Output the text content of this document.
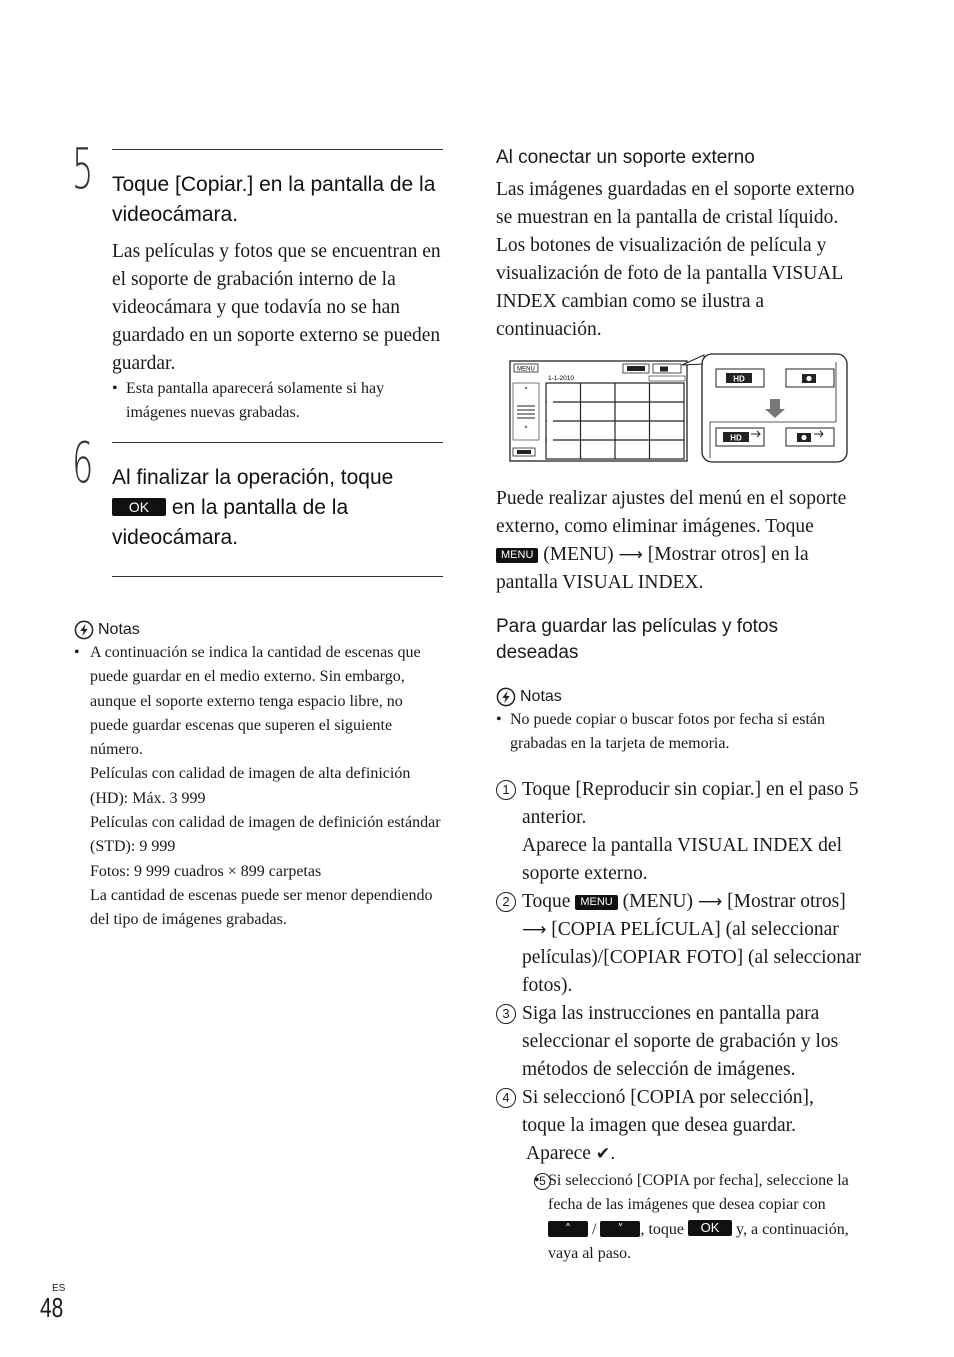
5 Toque [Copiar.] en la pantalla de la videocámara.
Las películas y fotos que se encuentran en el soporte de grabación interno de la videocámara y que todavía no se han guardado en un soporte externo se pueden guardar.
• Esta pantalla aparecerá solamente si hay imágenes nuevas grabadas.
6 Al finalizar la operación, toque
OK en la pantalla de la videocámara.
Notas
• A continuación se indica la cantidad de escenas que puede guardar en el medio externo. Sin embargo, aunque el soporte externo tenga espacio libre, no puede guardar escenas que superen el siguiente número.
Películas con calidad de imagen de alta definición (HD): Máx. 3 999
Películas con calidad de imagen de definición estándar (STD): 9 999
Fotos: 9 999 cuadros × 899 carpetas
La cantidad de escenas puede ser menor dependiendo del tipo de imágenes grabadas.
Al conectar un soporte externo
Las imágenes guardadas en el soporte externo se muestran en la pantalla de cristal líquido. Los botones de visualización de película y visualización de foto de la pantalla VISUAL INDEX cambian como se ilustra a continuación.
MENU
1-1-2010
˄
˅
HD
HD
Puede realizar ajustes del menú en el soporte externo, como eliminar imágenes. Toque MENU (MENU) ⟶ [Mostrar otros] en la pantalla VISUAL INDEX.
Para guardar las películas y fotos deseadas
Notas
• No puede copiar o buscar fotos por fecha si están grabadas en la tarjeta de memoria.
1 Toque [Reproducir sin copiar.] en el paso 5 anterior.
Aparece la pantalla VISUAL INDEX del soporte externo.
2 Toque MENU (MENU) ⟶ [Mostrar otros] ⟶ [COPIA PELÍCULA] (al seleccionar películas)/[COPIAR FOTO] (al seleccionar fotos).
3 Siga las instrucciones en pantalla para seleccionar el soporte de grabación y los métodos de selección de imágenes.
4 Si seleccionó [COPIA por selección], toque la imagen que desea guardar.
Aparece ✔.
• Si seleccionó [COPIA por fecha], seleccione la fecha de las imágenes que desea copiar con ˄ / ˅ , toque OK y, a continuación, vaya al paso
5
.
ES
48
